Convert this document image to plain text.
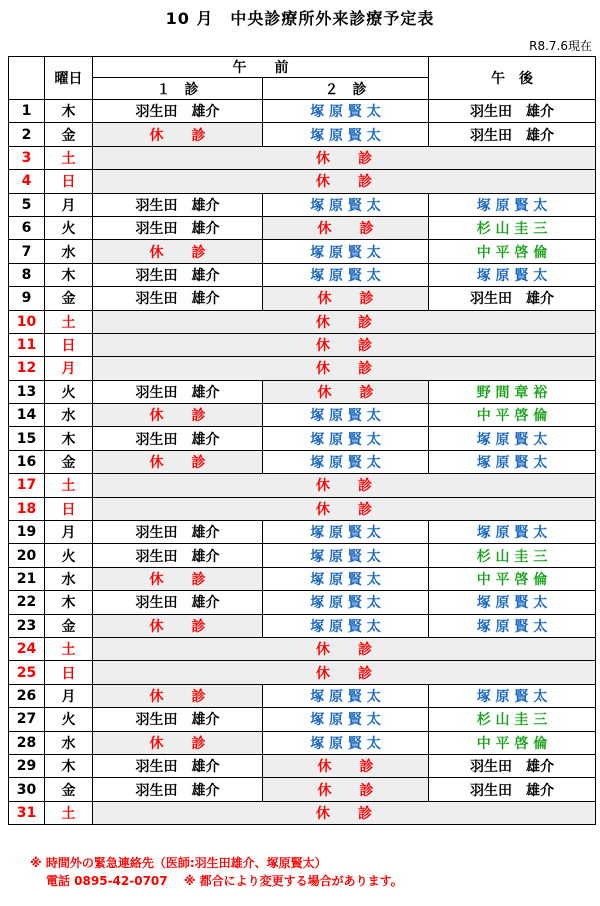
10 月　中央診療所外来診療予定表
R8.7.6現在
	曜日	午　　前		午　後
		１　診	２　診	
1	木	羽生田　雄介	塚 原 賢 太	羽生田　雄介
2	金	休　　診	塚 原 賢 太	羽生田　雄介
3	土	休　　診		
4	日	休　　診		
5	月	羽生田　雄介	塚 原 賢 太	塚 原 賢 太
6	火	羽生田　雄介	休　　診	杉 山 圭 三
7	水	休　　診	塚 原 賢 太	中 平 啓 倫
8	木	羽生田　雄介	塚 原 賢 太	塚 原 賢 太
9	金	羽生田　雄介	休　　診	羽生田　雄介
10	土	休　　診		
11	日	休　　診		
12	月	休　　診		
13	火	羽生田　雄介	休　　診	野 間 章 裕
14	水	休　　診	塚 原 賢 太	中 平 啓 倫
15	木	羽生田　雄介	塚 原 賢 太	塚 原 賢 太
16	金	休　　診	塚 原 賢 太	塚 原 賢 太
17	土	休　　診		
18	日	休　　診		
19	月	羽生田　雄介	塚 原 賢 太	塚 原 賢 太
20	火	羽生田　雄介	塚 原 賢 太	杉 山 圭 三
21	水	休　　診	塚 原 賢 太	中 平 啓 倫
22	木	羽生田　雄介	塚 原 賢 太	塚 原 賢 太
23	金	休　　診	塚 原 賢 太	塚 原 賢 太
24	土	休　　診		
25	日	休　　診		
26	月	休　　診	塚 原 賢 太	塚 原 賢 太
27	火	羽生田　雄介	塚 原 賢 太	杉 山 圭 三
28	水	休　　診	塚 原 賢 太	中 平 啓 倫
29	木	羽生田　雄介	休　　診	羽生田　雄介
30	金	羽生田　雄介	休　　診	羽生田　雄介
31	土	休　　診		
※ 時間外の緊急連絡先（医師:羽生田雄介、塚原賢太）
電話 0895-42-0707　 ※ 都合により変更する場合があります。
